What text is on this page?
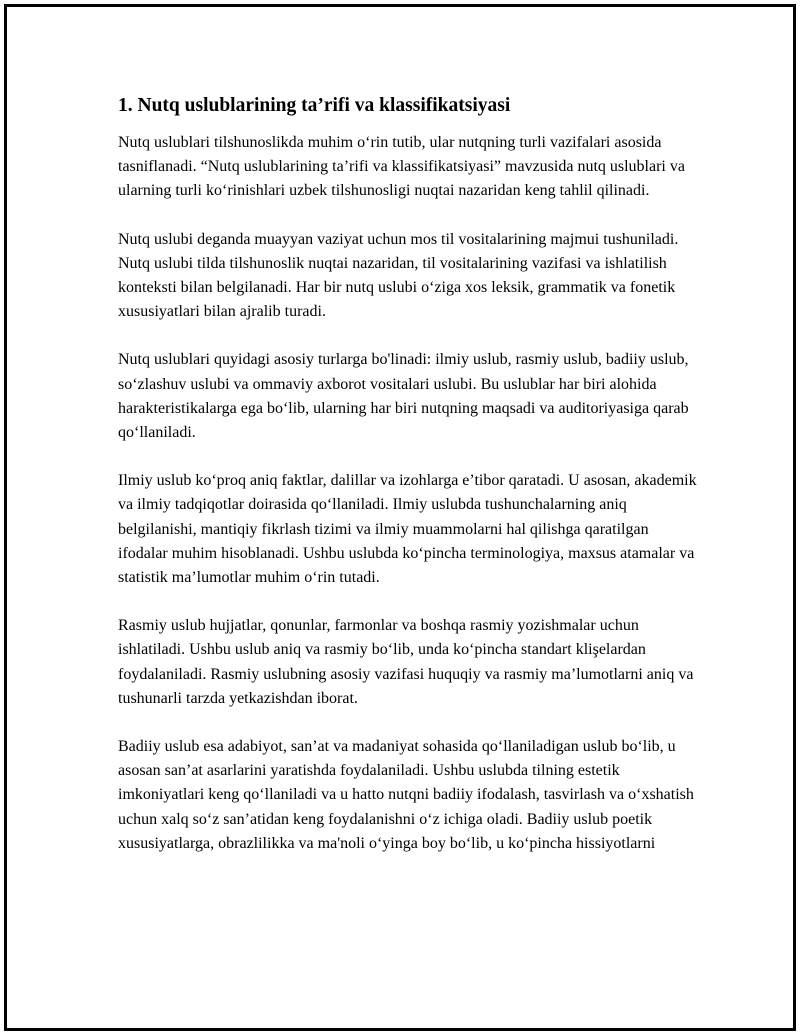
1. Nutq uslublarining ta’rifi va klassifikatsiyasi

Nutq uslublari tilshunoslikda muhim o‘rin tutib, ular nutqning turli vazifalari asosida tasniflanadi. “Nutq uslublarining ta’rifi va klassifikatsiyasi” mavzusida nutq uslublari va ularning turli ko‘rinishlari uzbek tilshunosligi nuqtai nazaridan keng tahlil qilinadi.

Nutq uslubi deganda muayyan vaziyat uchun mos til vositalarining majmui tushuniladi. Nutq uslubi tilda tilshunoslik nuqtai nazaridan, til vositalarining vazifasi va ishlatilish konteksti bilan belgilanadi. Har bir nutq uslubi o‘ziga xos leksik, grammatik va fonetik xususiyatlari bilan ajralib turadi.

Nutq uslublari quyidagi asosiy turlarga bo'linadi: ilmiy uslub, rasmiy uslub, badiiy uslub, so‘zlashuv uslubi va ommaviy axborot vositalari uslubi. Bu uslublar har biri alohida harakteristikalarga ega bo‘lib, ularning har biri nutqning maqsadi va auditoriyasiga qarab qo‘llaniladi.

Ilmiy uslub ko‘proq aniq faktlar, dalillar va izohlarga e’tibor qaratadi. U asosan, akademik va ilmiy tadqiqotlar doirasida qo‘llaniladi. Ilmiy uslubda tushunchalarning aniq belgilanishi, mantiqiy fikrlash tizimi va ilmiy muammolarni hal qilishga qaratilgan ifodalar muhim hisoblanadi. Ushbu uslubda ko‘pincha terminologiya, maxsus atamalar va statistik ma’lumotlar muhim o‘rin tutadi.

Rasmiy uslub hujjatlar, qonunlar, farmonlar va boshqa rasmiy yozishmalar uchun ishlatiladi. Ushbu uslub aniq va rasmiy bo‘lib, unda ko‘pincha standart klişelardan foydalaniladi. Rasmiy uslubning asosiy vazifasi huquqiy va rasmiy ma’lumotlarni aniq va tushunarli tarzda yetkazishdan iborat.

Badiiy uslub esa adabiyot, san’at va madaniyat sohasida qo‘llaniladigan uslub bo‘lib, u asosan san’at asarlarini yaratishda foydalaniladi. Ushbu uslubda tilning estetik imkoniyatlari keng qo‘llaniladi va u hatto nutqni badiiy ifodalash, tasvirlash va o‘xshatish uchun xalq so‘z san’atidan keng foydalanishni o‘z ichiga oladi. Badiiy uslub poetik xususiyatlarga, obrazlilikka va ma'noli o‘yinga boy bo‘lib, u ko‘pincha hissiyotlarni
